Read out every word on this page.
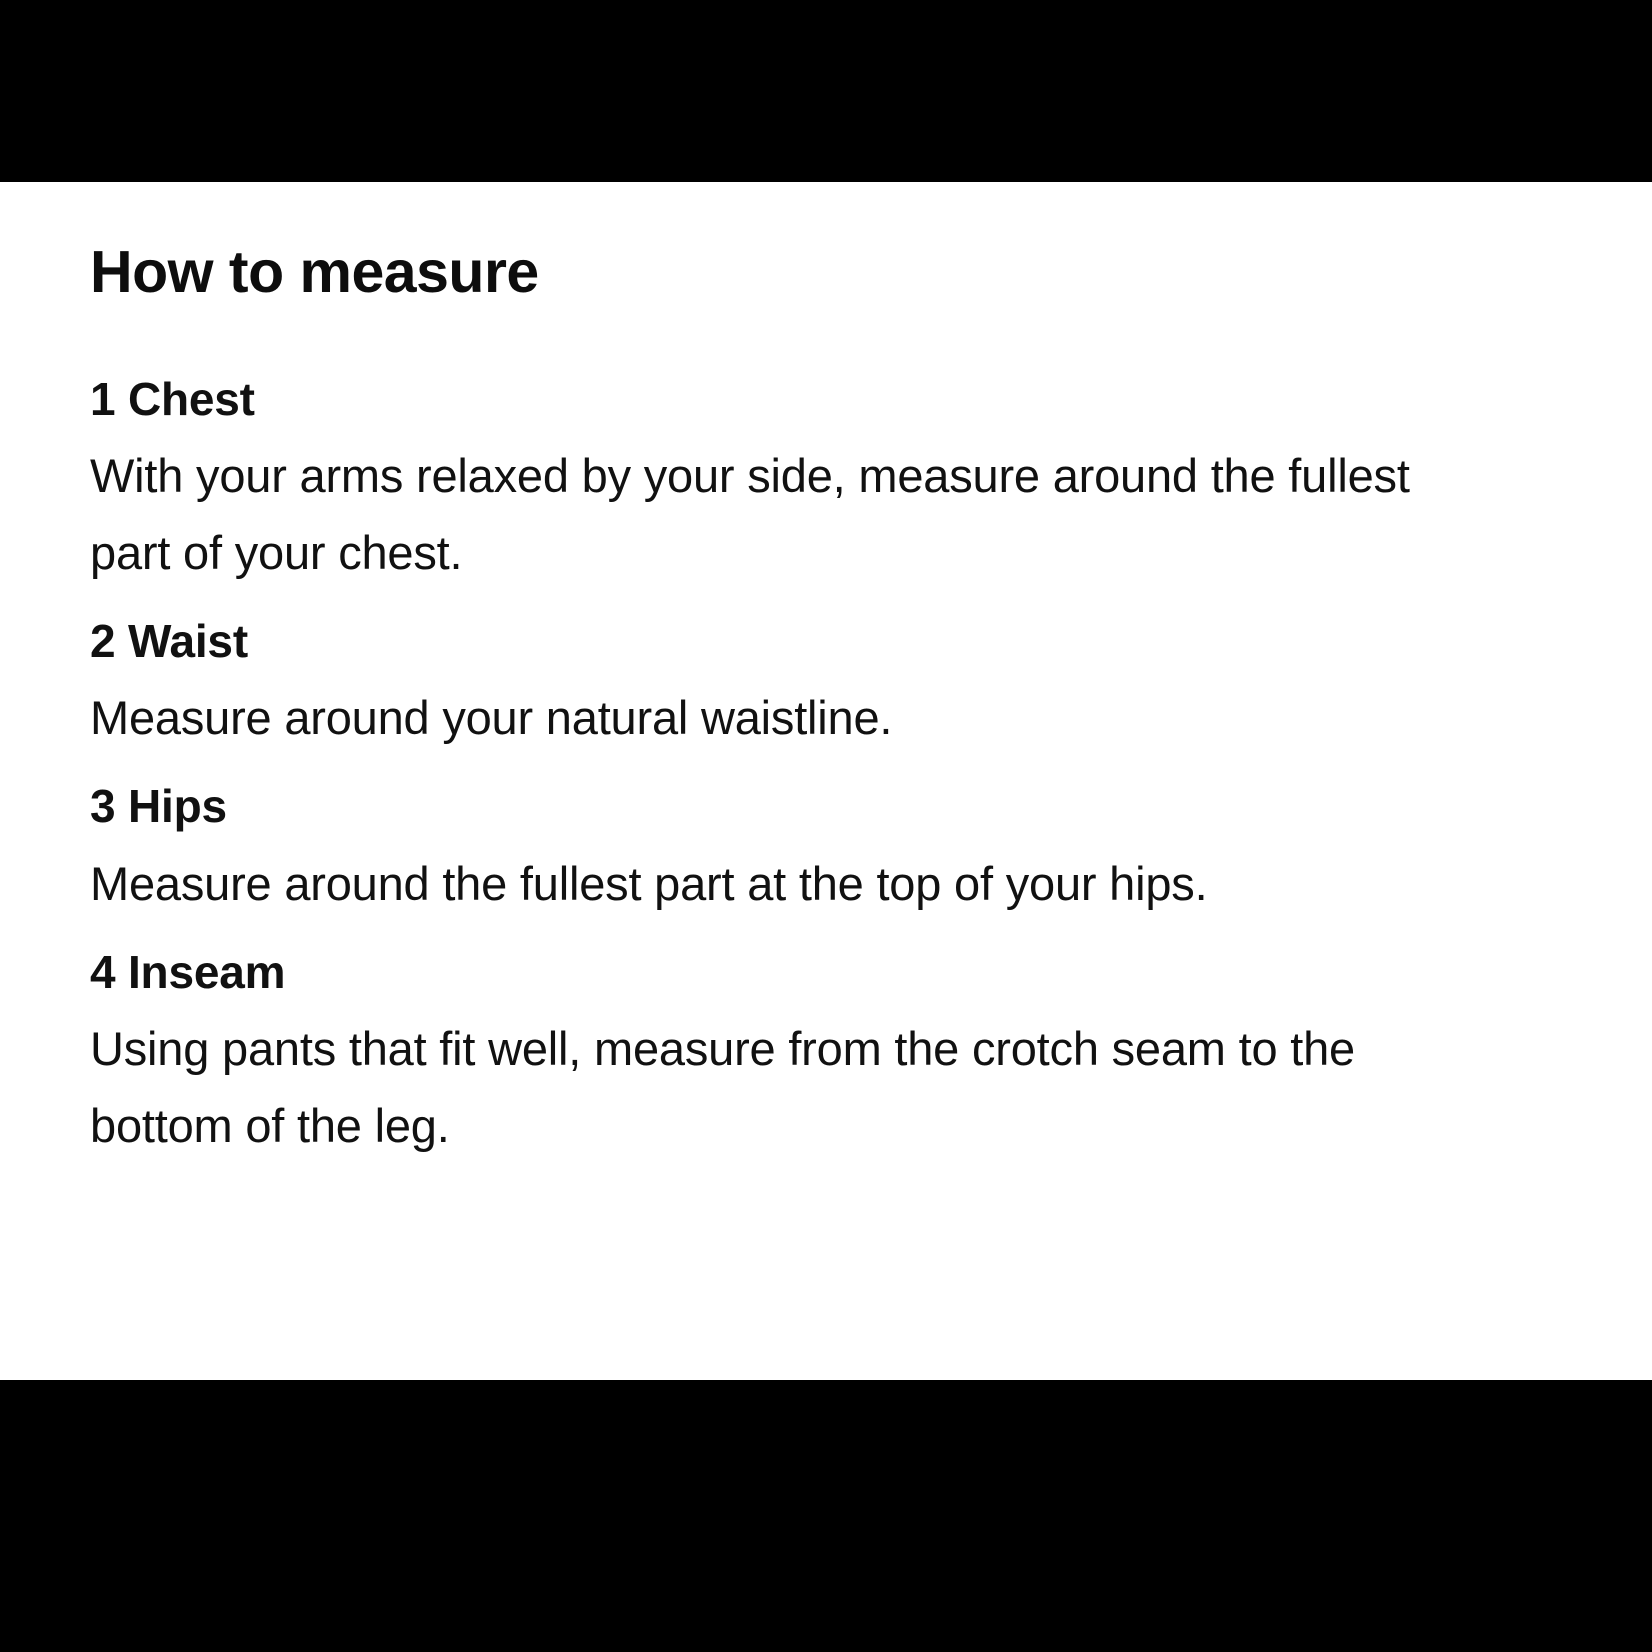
How to measure
1 Chest

With your arms relaxed by your side, measure around the fullest part of your chest.

2 Waist

Measure around your natural waistline.

3 Hips

Measure around the fullest part at the top of your hips.

4 Inseam

Using pants that fit well, measure from the crotch seam to the bottom of the leg.
